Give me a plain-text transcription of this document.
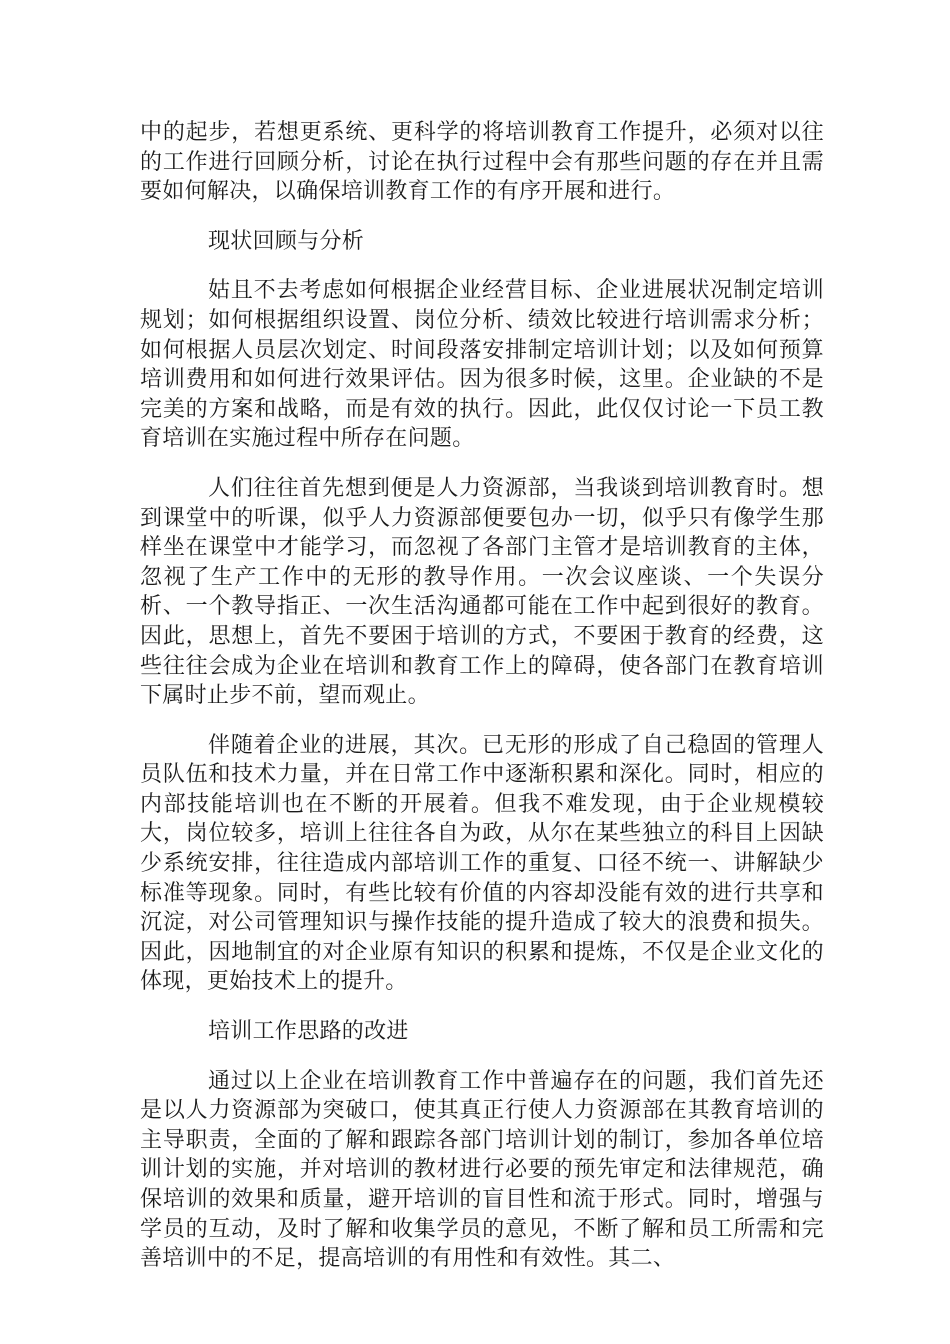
中的起步，若想更系统、更科学的将培训教育工作提升，必须对以往的工作进行回顾分析，讨论在执行过程中会有那些问题的存在并且需要如何解决，以确保培训教育工作的有序开展和进行。

现状回顾与分析

姑且不去考虑如何根据企业经营目标、企业进展状况制定培训规划；如何根据组织设置、岗位分析、绩效比较进行培训需求分析；如何根据人员层次划定、时间段落安排制定培训计划；以及如何预算培训费用和如何进行效果评估。因为很多时候，这里。企业缺的不是完美的方案和战略，而是有效的执行。因此，此仅仅讨论一下员工教育培训在实施过程中所存在问题。

人们往往首先想到便是人力资源部，当我谈到培训教育时。想到课堂中的听课，似乎人力资源部便要包办一切，似乎只有像学生那样坐在课堂中才能学习，而忽视了各部门主管才是培训教育的主体，忽视了生产工作中的无形的教导作用。一次会议座谈、一个失误分析、一个教导指正、一次生活沟通都可能在工作中起到很好的教育。因此，思想上，首先不要困于培训的方式，不要困于教育的经费，这些往往会成为企业在培训和教育工作上的障碍，使各部门在教育培训下属时止步不前，望而观止。

伴随着企业的进展，其次。已无形的形成了自己稳固的管理人员队伍和技术力量，并在日常工作中逐渐积累和深化。同时，相应的内部技能培训也在不断的开展着。但我不难发现，由于企业规模较大，岗位较多，培训上往往各自为政，从尔在某些独立的科目上因缺少系统安排，往往造成内部培训工作的重复、口径不统一、讲解缺少标准等现象。同时，有些比较有价值的内容却没能有效的进行共享和沉淀，对公司管理知识与操作技能的提升造成了较大的浪费和损失。因此，因地制宜的对企业原有知识的积累和提炼，不仅是企业文化的体现，更始技术上的提升。

培训工作思路的改进

通过以上企业在培训教育工作中普遍存在的问题，我们首先还是以人力资源部为突破口，使其真正行使人力资源部在其教育培训的主导职责，全面的了解和跟踪各部门培训计划的制订，参加各单位培训计划的实施，并对培训的教材进行必要的预先审定和法律规范，确保培训的效果和质量，避开培训的盲目性和流于形式。同时，增强与学员的互动，及时了解和收集学员的意见，不断了解和员工所需和完善培训中的不足，提高培训的有用性和有效性。其二、
